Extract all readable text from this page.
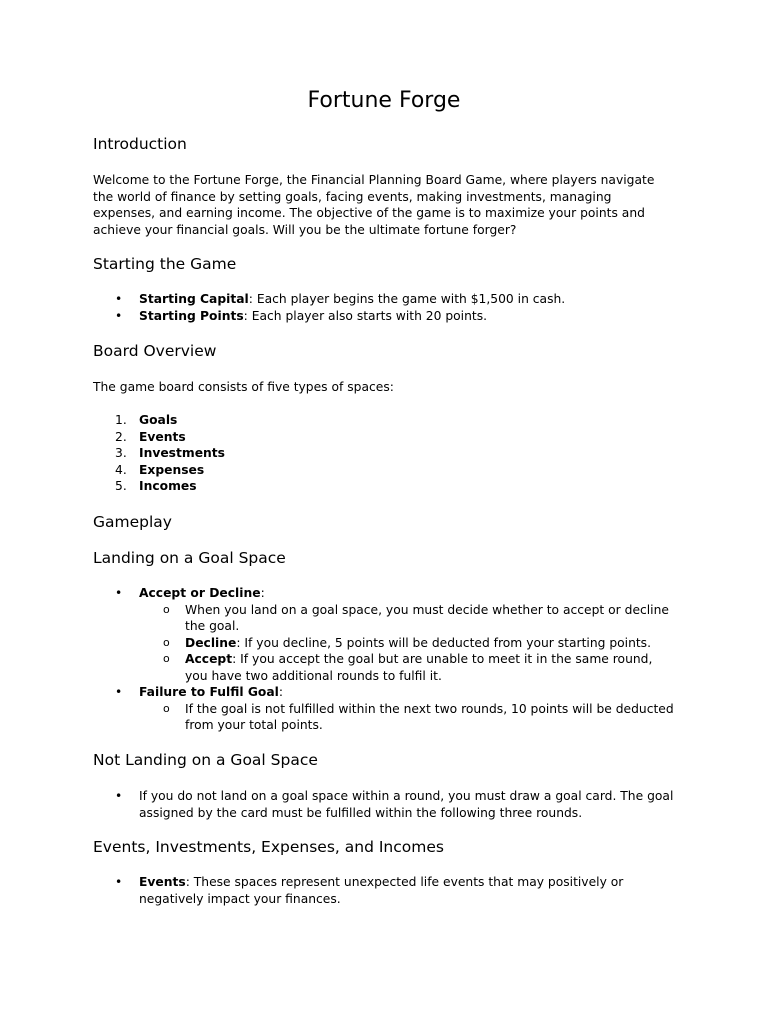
Fortune Forge
Introduction

Welcome to the Fortune Forge, the Financial Planning Board Game, where players navigate the world of finance by setting goals, facing events, making investments, managing expenses, and earning income. The objective of the game is to maximize your points and achieve your financial goals. Will you be the ultimate fortune forger?

Starting the Game
• Starting Capital: Each player begins the game with $1,500 in cash.
• Starting Points: Each player also starts with 20 points.
Board Overview

The game board consists of five types of spaces:

1. Goals
2. Events
3. Investments
4. Expenses
5. Incomes
Gameplay
Landing on a Goal Space
• Accept or Decline:
o When you land on a goal space, you must decide whether to accept or decline the goal.
o Decline: If you decline, 5 points will be deducted from your starting points.
o Accept: If you accept the goal but are unable to meet it in the same round, you have two additional rounds to fulfil it.
• Failure to Fulfil Goal:
o If the goal is not fulfilled within the next two rounds, 10 points will be deducted from your total points.
Not Landing on a Goal Space
• If you do not land on a goal space within a round, you must draw a goal card. The goal assigned by the card must be fulfilled within the following three rounds.
Events, Investments, Expenses, and Incomes
• Events: These spaces represent unexpected life events that may positively or negatively impact your finances.
